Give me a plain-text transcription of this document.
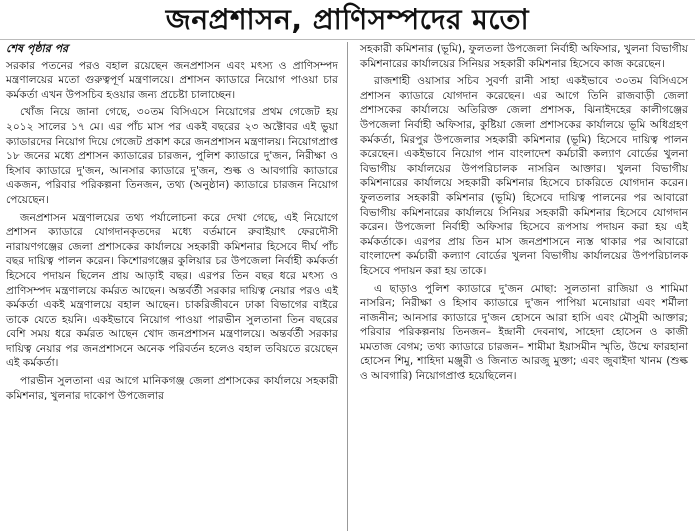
জনপ্রশাসন, প্রাণিসম্পদের মতো
শেষ পৃষ্ঠার পর

সরকার পতনের পরও বহাল রয়েছেন জনপ্রশাসন এবং মৎস্য ও প্রাণিসম্পদ মন্ত্রণালয়ের মতো গুরুত্বপূর্ণ মন্ত্রণালয়ে। প্রশাসন ক্যাডারে নিয়োগ পাওয়া চার কর্মকর্তা এখন উপসচিব হওয়ার জন্য প্রচেষ্টা চালাচ্ছেন।

খোঁজ নিয়ে জানা গেছে, ৩০তম বিসিএসে নিয়োগের প্রথম গেজেট হয় ২০১২ সালের ১৭ মে। এর পাঁচ মাস পর একই বছরের ২৩ অক্টোবর এই ভুয়া ক্যাডারদের নিয়োগ দিয়ে গেজেট প্রকাশ করে জনপ্রশাসন মন্ত্রণালয়। নিয়োগপ্রাপ্ত ১৮ জনের মধ্যে প্রশাসন ক্যাডারের চারজন, পুলিশ ক্যাডারে দু'জন, নিরীক্ষা ও হিসাব ক্যাডারে দু'জন, আনসার ক্যাডারে দু'জন, শুল্ক ও আবগারি ক্যাডারে একজন, পরিবার পরিকল্পনা তিনজন, তথ্য (অনুষ্ঠান) ক্যাডারে চারজন নিয়োগ পেয়েছেন।

জনপ্রশাসন মন্ত্রণালয়ের তথ্য পর্যালোচনা করে দেখা গেছে, এই নিয়োগে প্রশাসন ক্যাডারে যোগদানকৃতদের মধ্যে বর্তমানে রুবাইয়াৎ ফেরদৌসী নারায়ণগঞ্জের জেলা প্রশাসকের কার্যালয়ে সহকারী কমিশনার হিসেবে দীর্ঘ পাঁচ বছর দায়িত্ব পালন করেন। কিশোরগঞ্জের কুলিয়ার চর উপজেলা নির্বাহী কর্মকর্তা হিসেবে পদায়ন ছিলেন প্রায় আড়াই বছর। এরপর তিন বছর ধরে মৎস্য ও প্রাণিসম্পদ মন্ত্রণালয়ে কর্মরত আছেন। অন্তর্বর্তী সরকার দায়িত্ব নেয়ার পরও এই কর্মকর্তা একই মন্ত্রণালয়ে বহাল আছেন। চাকরিজীবনে ঢাকা বিভাগের বাইরে তাকে যেতে হয়নি। একইভাবে নিয়োগ পাওয়া পারভীন সুলতানা তিন বছরের বেশি সময় ধরে কর্মরত আছেন খোদ জনপ্রশাসন মন্ত্রণালয়ে। অন্তর্বর্তী সরকার দায়িত্ব নেয়ার পর জনপ্রশাসনে অনেক পরিবর্তন হলেও বহাল তবিয়তে রয়েছেন এই কর্মকর্তা।

পারভীন সুলতানা এর আগে মানিকগঞ্জ জেলা প্রশাসকের কার্যালয়ে সহকারী কমিশনার, খুলনার দাকোপ উপজেলার

সহকারী কমিশনার (ভূমি), ফুলতলা উপজেলা নির্বাহী অফিসার, খুলনা বিভাগীয় কমিশনারের কার্যালয়ের সিনিয়র সহকারী কমিশনার হিসেবে কাজ করেছেন।

রাজশাহী ওয়াসার সচিব সুবর্ণা রানী সাহা একইভাবে ৩০তম বিসিএসে প্রশাসন ক্যাডারে যোগদান করেছেন। এর আগে তিনি রাজবাড়ী জেলা প্রশাসকের কার্যালয়ে অতিরিক্ত জেলা প্রশাসক, ঝিনাইদহের কালীগঞ্জের উপজেলা নির্বাহী অফিসার, কুষ্টিয়া জেলা প্রশাসকের কার্যালয়ে ভূমি অধিগ্রহণ কর্মকর্তা, মিরপুর উপজেলার সহকারী কমিশনার (ভূমি) হিসেবে দায়িত্ব পালন করেছেন। একইভাবে নিয়োগ পান বাংলাদেশ কর্মচারী কল্যাণ বোর্ডের খুলনা বিভাগীয় কার্যালয়ের উপপরিচালক নাসরিন আক্তার। খুলনা বিভাগীয় কমিশনারের কার্যালয়ে সহকারী কমিশনার হিসেবে চাকরিতে যোগদান করেন। ফুলতলার সহকারী কমিশনার (ভূমি) হিসেবে দায়িত্ব পালনের পর আবারো বিভাগীয় কমিশনারের কার্যালয়ে সিনিয়র সহকারী কমিশনার হিসেবে যোগদান করেন। উপজেলা নির্বাহী অফিসার হিসেবে রূপসায় পদায়ন করা হয় এই কর্মকর্তাকে। এরপর প্রায় তিন মাস জনপ্রশাসনে ন্যস্ত থাকার পর আবারো বাংলাদেশ কর্মচারী কল্যাণ বোর্ডের খুলনা বিভাগীয় কার্যালয়ের উপপরিচালক হিসেবে পদায়ন করা হয় তাকে।

এ ছাড়াও পুলিশ ক্যাডারে দু'জন মোছা: সুলতানা রাজিয়া ও শামিমা নাসরিন; নিরীক্ষা ও হিসাব ক্যাডারে দু'জন পাপিয়া মনোয়ারা এবং শর্মীলা নাজনীন; আনসার ক্যাডারে দু'জন হোসনে আরা হাসি এবং মৌসুমী আক্তার; পরিবার পরিকল্পনায় তিনজন– ইন্দ্রানী দেবনাথ, সাহেদা হোসেন ও কাজী মমতাজ বেগম; তথ্য ক্যাডারে চারজন– শামীমা ইয়াসমীন স্মৃতি, উম্মে ফারহানা হোসেন শিমু, শাহিদা মঞ্জুরী ও জিনাত আরজু মুক্তা; এবং জুবাইদা খানম (শুল্ক ও আবগারি) নিয়োগপ্রাপ্ত হয়েছিলেন।
